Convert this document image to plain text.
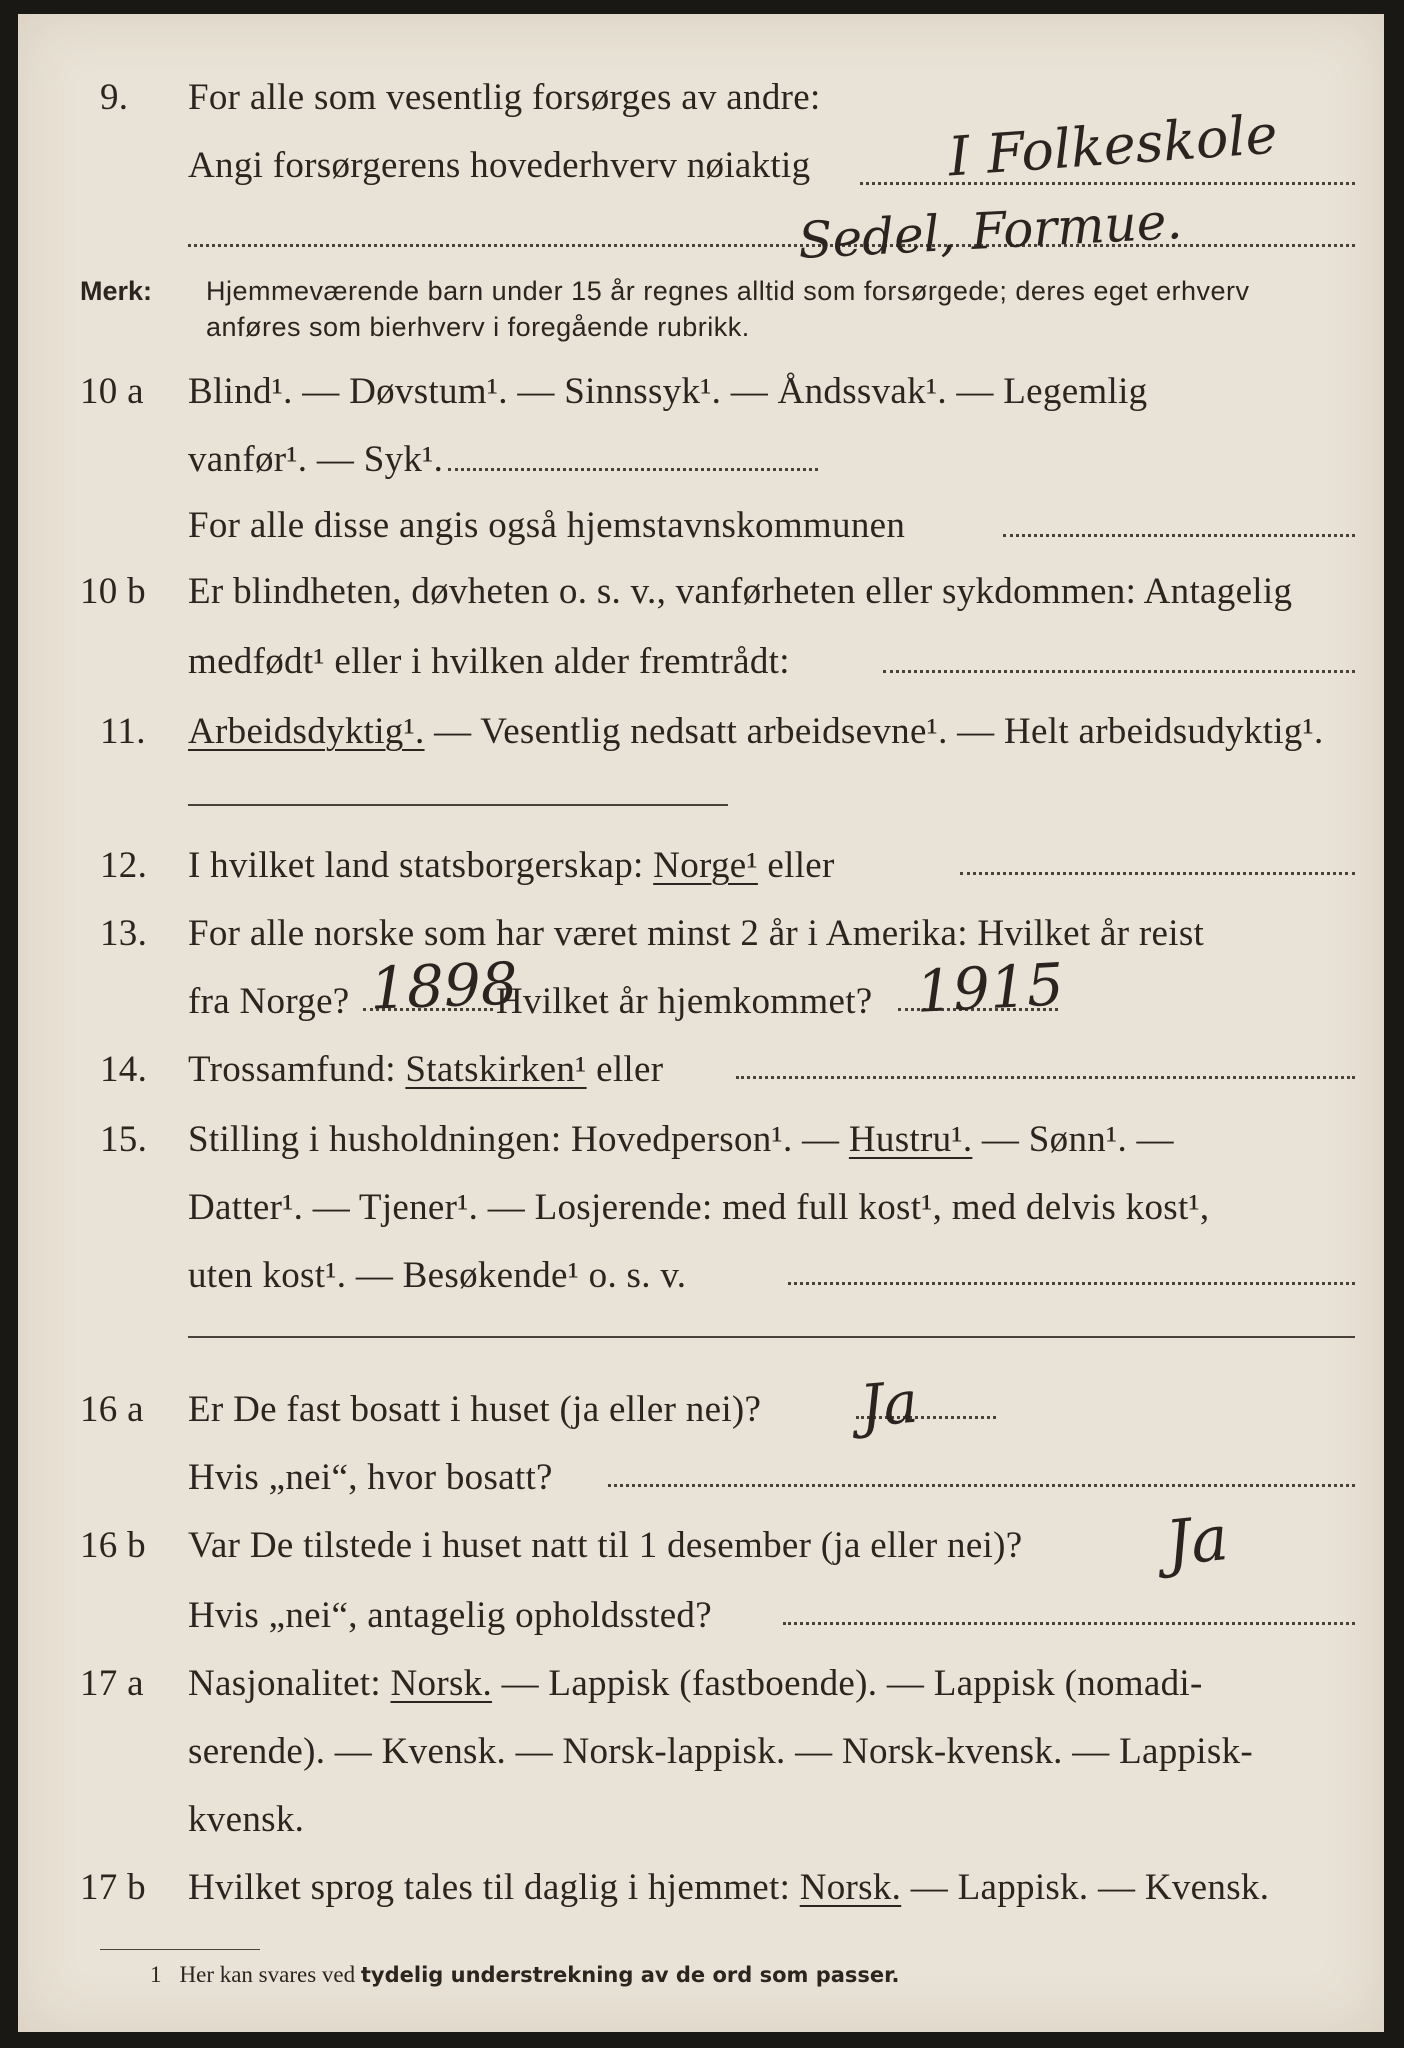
9. For alle som vesentlig forsørges av andre:
Angi forsørgerens hovederhverv nøiaktig	I Folkeskole
Sedel, Formue.
Merk: Hjemmeværende barn under 15 år regnes alltid som forsørgede; deres eget erhverv
anføres som bierhverv i foregående rubrikk.
10 a Blind¹. — Døvstum¹. — Sinnssyk¹. — Åndssvak¹. — Legemlig
vanfør¹. — Syk¹.
For alle disse angis også hjemstavnskommunen
10 b Er blindheten, døvheten o. s. v., vanførheten eller sykdommen: Antagelig
medfødt¹ eller i hvilken alder fremtrådt:
11. Arbeidsdyktig¹. — Vesentlig nedsatt arbeidsevne¹. — Helt arbeidsudyktig¹.
12. I hvilket land statsborgerskap: Norge¹ eller
13. For alle norske som har været minst 2 år i Amerika: Hvilket år reist
fra Norge?	Hvilket år hjemkommet?
1898	1915
14. Trossamfund: Statskirken¹ eller
15. Stilling i husholdningen: Hovedperson¹. — Hustru¹. — Sønn¹. —
Datter¹. — Tjener¹. — Losjerende: med full kost¹, med delvis kost¹,
uten kost¹. — Besøkende¹ o. s. v.
16 a Er De fast bosatt i huset (ja eller nei)? Ja
Hvis „nei“, hvor bosatt?
16 b Var De tilstede i huset natt til 1 desember (ja eller nei)? Ja
Hvis „nei“, antagelig opholdssted?
17 a Nasjonalitet: Norsk. — Lappisk (fastboende). — Lappisk (nomadi-
serende). — Kvensk. — Norsk-lappisk. — Norsk-kvensk. — Lappisk-
kvensk.
17 b Hvilket sprog tales til daglig i hjemmet: Norsk. — Lappisk. — Kvensk.
1 Her kan svares ved tydelig understrekning av de ord som passer.
